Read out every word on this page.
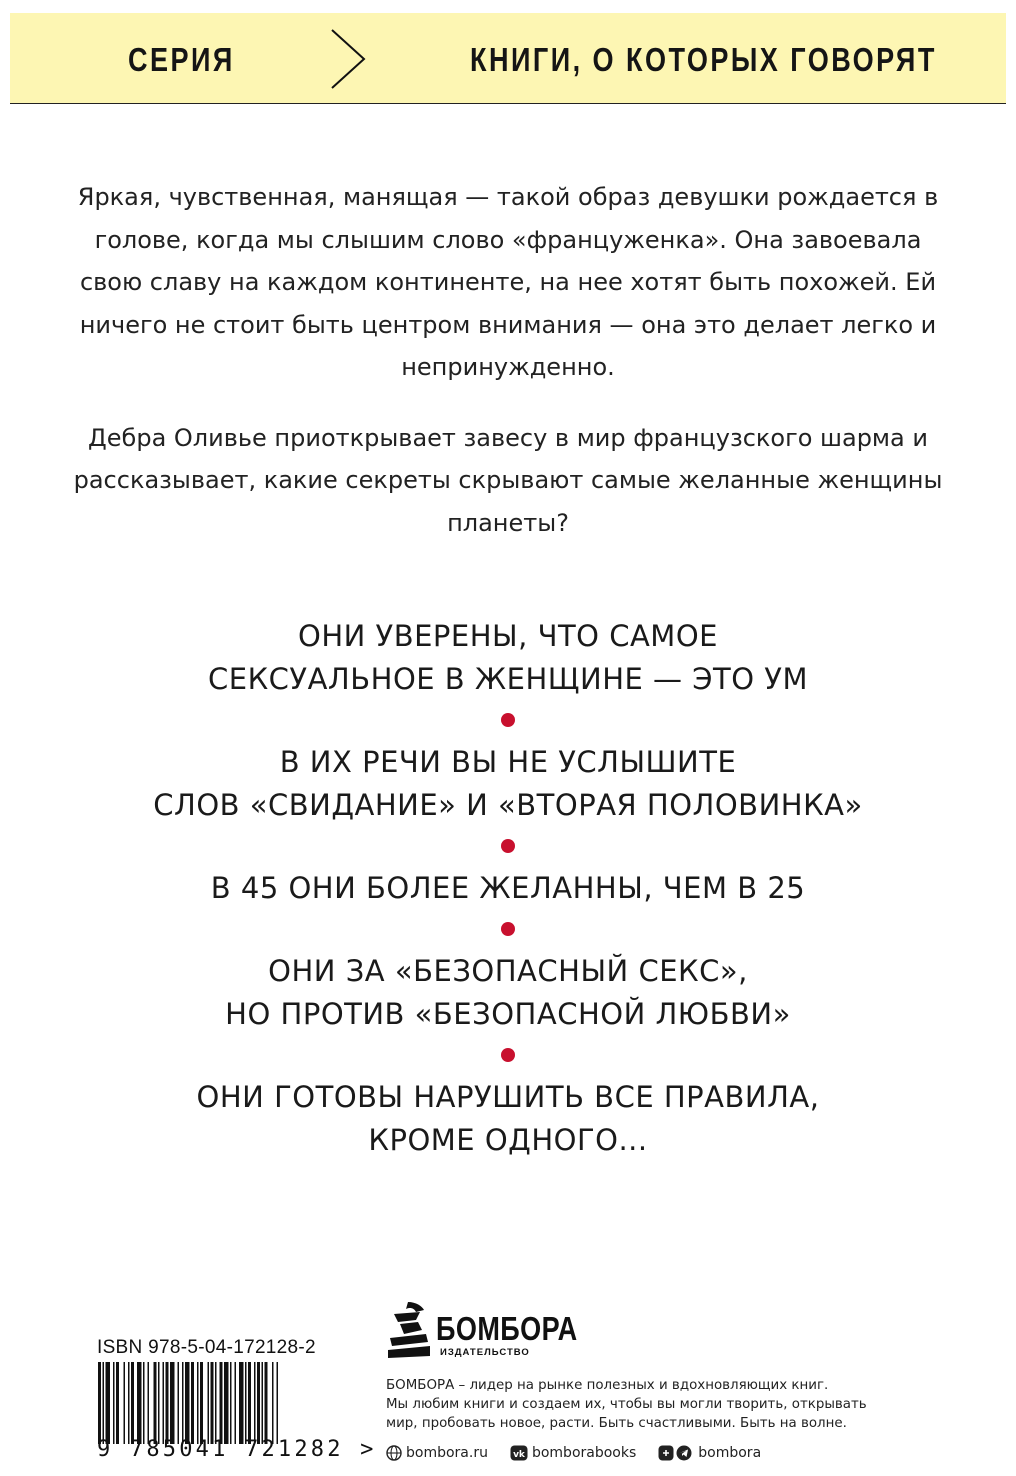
СЕРИЯ	КНИГИ, О КОТОРЫХ ГОВОРЯТ

Яркая, чувственная, манящая — такой образ девушки рождается в голове, когда мы слышим слово «француженка». Она завоевала свою славу на каждом континенте, на нее хотят быть похожей. Ей ничего не стоит быть центром внимания — она это делает легко и непринужденно.

Дебра Оливье приоткрывает завесу в мир французского шарма и рассказывает, какие секреты скрывают самые желанные женщины планеты?

ОНИ УВЕРЕНЫ, ЧТО САМОЕ
СЕКСУАЛЬНОЕ В ЖЕНЩИНЕ — ЭТО УМ
В ИХ РЕЧИ ВЫ НЕ УСЛЫШИТЕ
СЛОВ «СВИДАНИЕ» И «ВТОРАЯ ПОЛОВИНКА»
В 45 ОНИ БОЛЕЕ ЖЕЛАННЫ, ЧЕМ В 25
ОНИ ЗА «БЕЗОПАСНЫЙ СЕКС»,
НО ПРОТИВ «БЕЗОПАСНОЙ ЛЮБВИ»
ОНИ ГОТОВЫ НАРУШИТЬ ВСЕ ПРАВИЛА,
КРОМЕ ОДНОГО...
ISBN 978-5-04-172128-2
9 785041 721282 >
БОМБОРА
ИЗДАТЕЛЬСТВО
БОМБОРА – лидер на рынке полезных и вдохновляющих книг.
Мы любим книги и создаем их, чтобы вы могли творить, открывать
мир, пробовать новое, расти. Быть счастливыми. Быть на волне.
bombora.ru	vk bomborabooks	bombora
